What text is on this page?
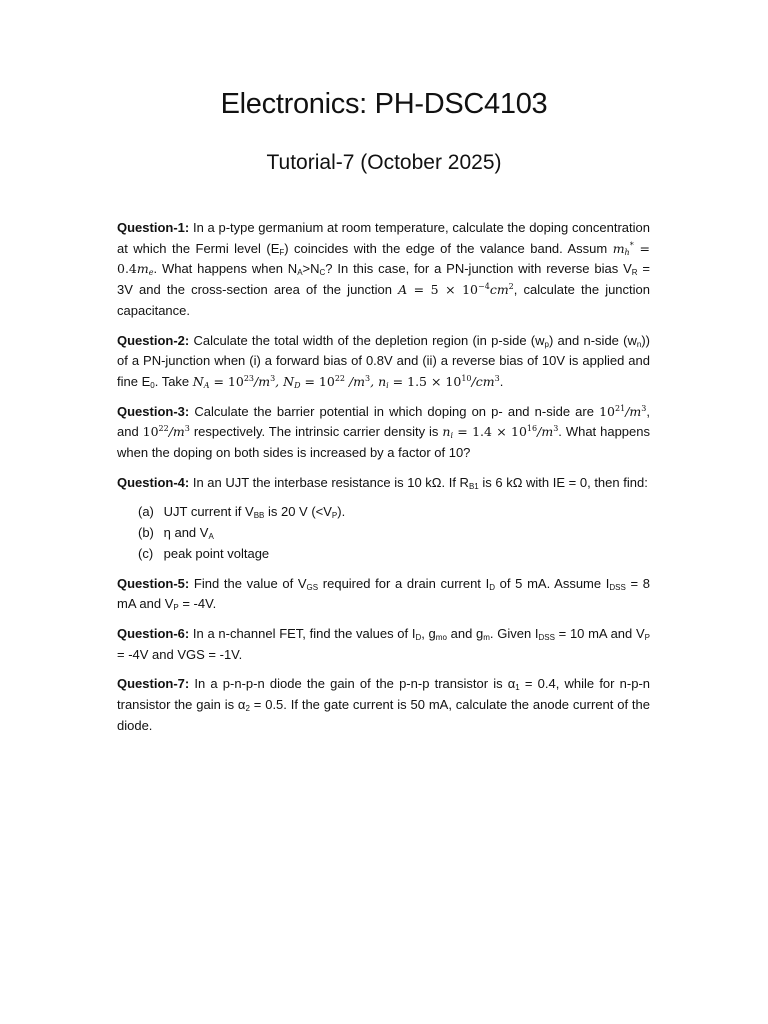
Electronics: PH-DSC4103
Tutorial-7 (October 2025)

Question-1: In a p-type germanium at room temperature, calculate the doping concentration at which the Fermi level $(E_F)$ coincides with the edge of the valance band. Assum $m_h^* = 0.4m_e$. What happens when $N_A>N_C$? In this case, for a PN-junction with reverse bias $V_R = 3V$ and the cross-section area of the junction $A = 5 \times 10^{-4}cm^2$, calculate the junction capacitance.

Question-2: Calculate the total width of the depletion region (in p-side $(w_p)$ and n-side $(w_n)$) of a PN-junction when (i) a forward bias of 0.8V and (ii) a reverse bias of 10V is applied and fine $E_0$. Take $N_A = 10^{23}/m^3$, $N_D = 10^{22}$ $/m^3$, $n_i = 1.5 \times 10^{10}/cm^3$.

Question-3: Calculate the barrier potential in which doping on p- and n-side are $10^{21}/m^3$, and $10^{22}/m^3$ respectively. The intrinsic carrier density is $n_i = 1.4 \times 10^{16}/m^3$. What happens when the doping on both sides is increased by a factor of 10?

Question-4: In an UJT the interbase resistance is 10 kΩ. If $R_{B1}$ is 6 kΩ with IE = 0, then find:

(a) UJT current if $V_{BB}$ is 20 V $(<V_P)$.
(b) η and $V_A$
(c) peak point voltage

Question-5: Find the value of $V_{GS}$ required for a drain current $I_D$ of 5 mA. Assume $I_{DSS} = 8$ mA and $V_P = -4V$.

Question-6: In a n-channel FET, find the values of $I_D$, $g_{mo}$ and $g_m$. Given $I_{DSS} = 10$ mA and $V_P = -4V$ and VGS = -1V.

Question-7: In a p-n-p-n diode the gain of the p-n-p transistor is $\alpha_1 = 0.4$, while for n-p-n transistor the gain is $\alpha_2 = 0.5$. If the gate current is 50 mA, calculate the anode current of the diode.
